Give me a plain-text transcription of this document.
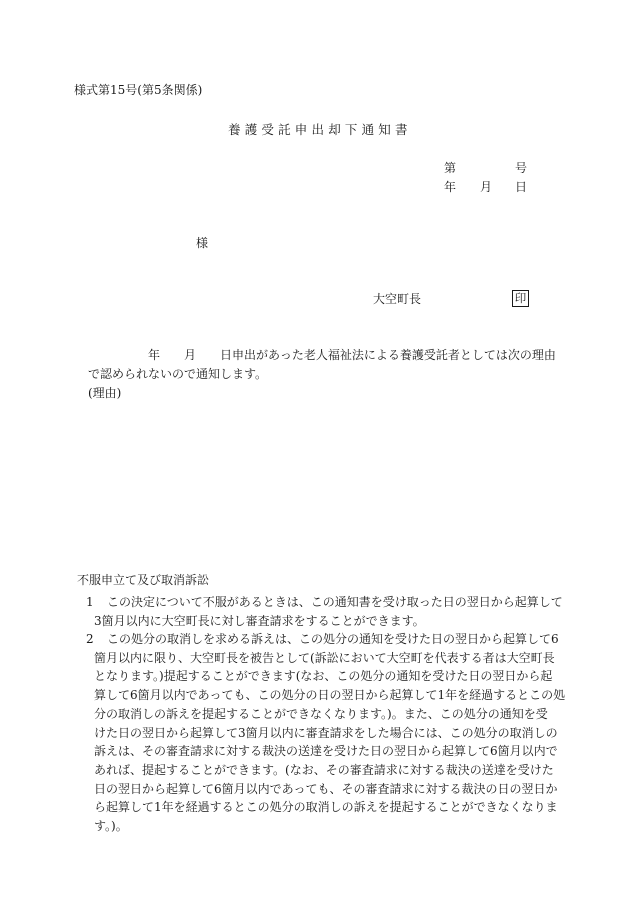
様式第15号(第5条関係)
養護受託申出却下通知書
第	号
年 月 日
様
大空町長	印
年　　月　　日申出があった老人福祉法による養護受託者としては次の理由
で認められないので通知します。
(理由)
不服申立て及び取消訴訟
1 この決定について不服があるときは、この通知書を受け取った日の翌日から起算して
3箇月以内に大空町長に対し審査請求をすることができます。
2 この処分の取消しを求める訴えは、この処分の通知を受けた日の翌日から起算して6
箇月以内に限り、大空町長を被告として(訴訟において大空町を代表する者は大空町長
となります。)提起することができます(なお、この処分の通知を受けた日の翌日から起
算して6箇月以内であっても、この処分の日の翌日から起算して1年を経過するとこの処
分の取消しの訴えを提起することができなくなります。)。また、この処分の通知を受
けた日の翌日から起算して3箇月以内に審査請求をした場合には、この処分の取消しの
訴えは、その審査請求に対する裁決の送達を受けた日の翌日から起算して6箇月以内で
あれば、提起することができます。(なお、その審査請求に対する裁決の送達を受けた
日の翌日から起算して6箇月以内であっても、その審査請求に対する裁決の日の翌日か
ら起算して1年を経過するとこの処分の取消しの訴えを提起することができなくなりま
す。)。
